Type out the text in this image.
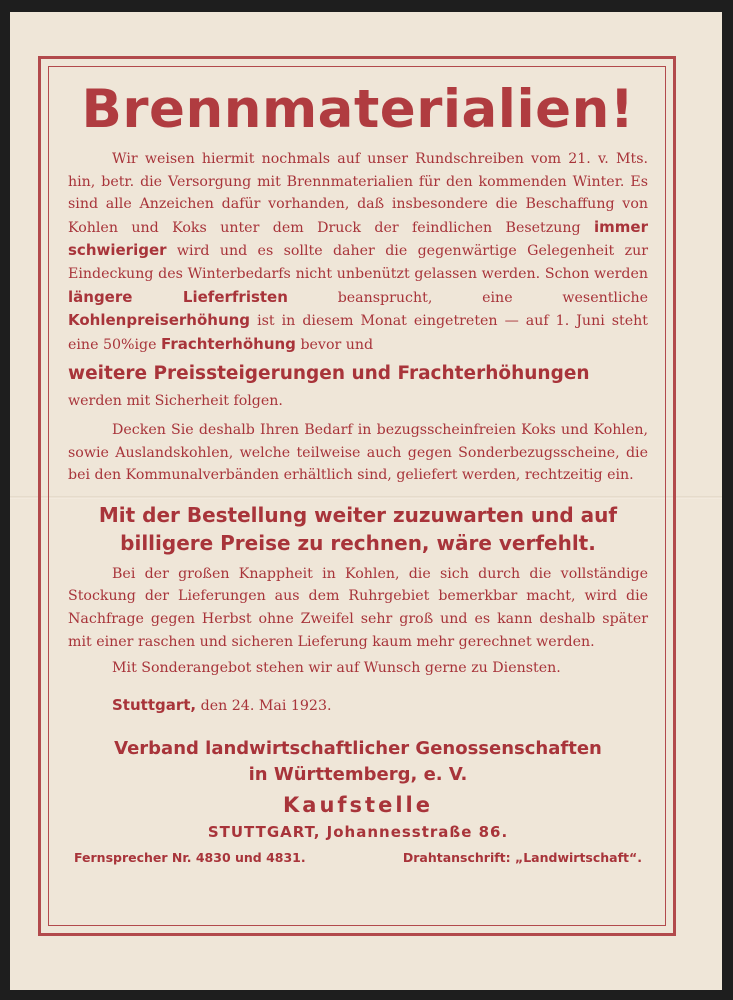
Brennmaterialien!

Wir weisen hiermit nochmals auf unser Rundschreiben vom 21. v. Mts. hin, betr. die Versorgung mit Brennmaterialien für den kommenden Winter. Es sind alle Anzeichen dafür vorhanden, daß insbesondere die Beschaffung von Kohlen und Koks unter dem Druck der feindlichen Besetzung immer schwieriger wird und es sollte daher die gegenwärtige Gelegenheit zur Eindeckung des Winterbedarfs nicht unbenützt gelassen werden. Schon werden längere Lieferfristen beansprucht, eine wesentliche Kohlenpreiserhöhung ist in diesem Monat eingetreten — auf 1. Juni steht eine 50%ige Frachterhöhung bevor und

weitere Preissteigerungen und Frachterhöhungen

werden mit Sicherheit folgen.

Decken Sie deshalb Ihren Bedarf in bezugsscheinfreien Koks und Kohlen, sowie Auslandskohlen, welche teilweise auch gegen Sonderbezugsscheine, die bei den Kommunalverbänden erhältlich sind, geliefert werden, rechtzeitig ein.

Mit der Bestellung weiter zuzuwarten und auf
billigere Preise zu rechnen, wäre verfehlt.

Bei der großen Knappheit in Kohlen, die sich durch die vollständige Stockung der Lieferungen aus dem Ruhrgebiet bemerkbar macht, wird die Nachfrage gegen Herbst ohne Zweifel sehr groß und es kann deshalb später mit einer raschen und sicheren Lieferung kaum mehr gerechnet werden.

Mit Sonderangebot stehen wir auf Wunsch gerne zu Diensten.

Stuttgart, den 24. Mai 1923.
Verband landwirtschaftlicher Genossenschaften
in Württemberg, e. V.
Kaufstelle
STUTTGART, Johannesstraße 86.
Fernsprecher Nr. 4830 und 4831.	Drahtanschrift: „Landwirtschaft“.
